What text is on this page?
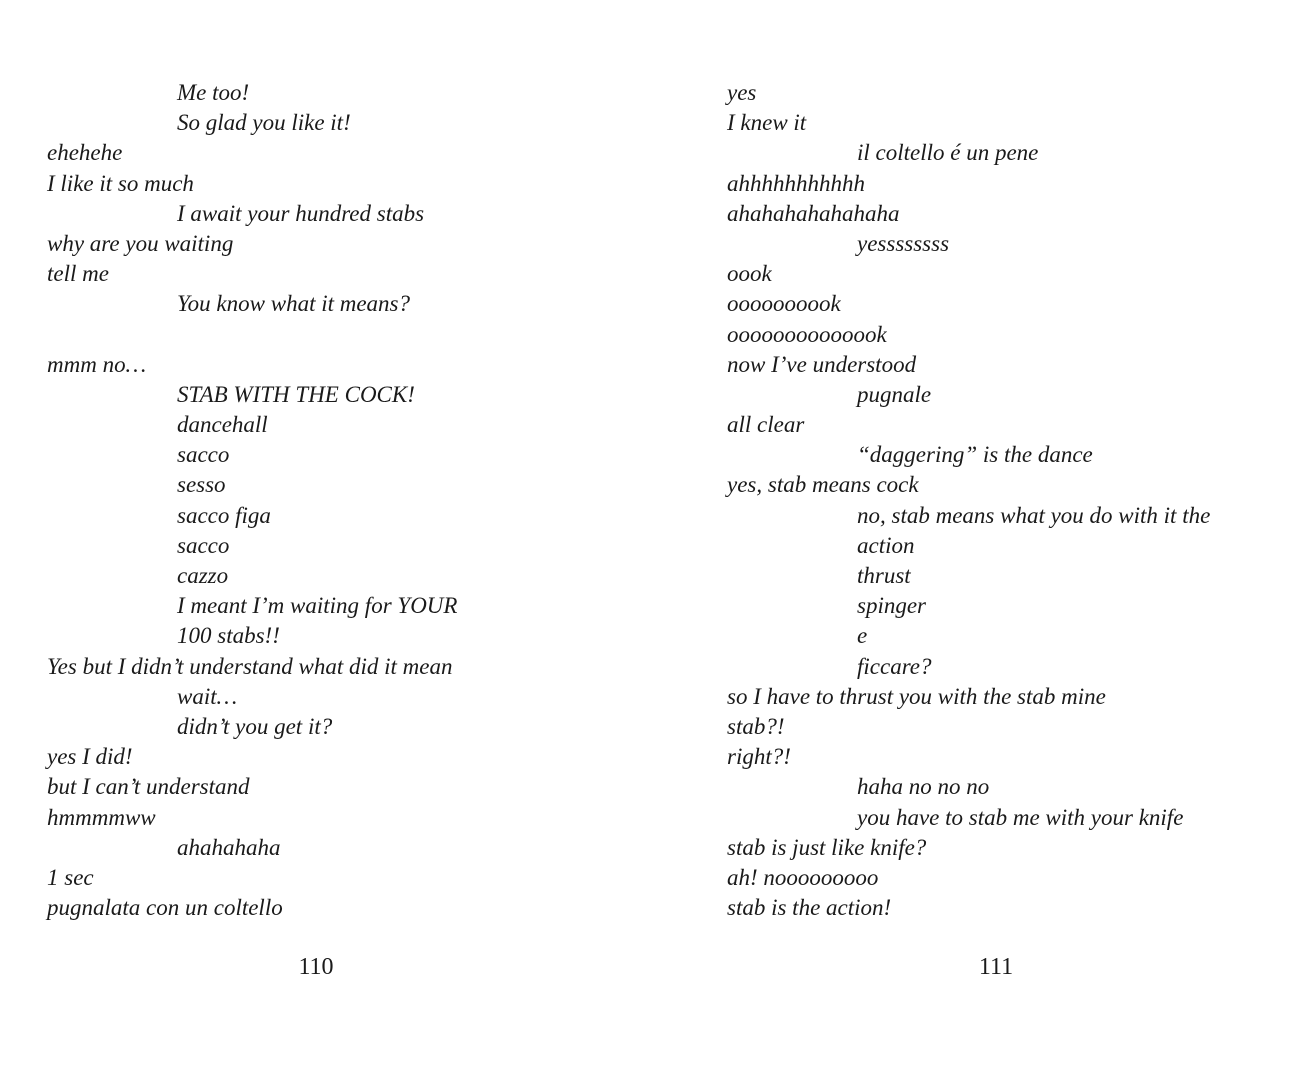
Me too!
So glad you like it!
ehehehe
I like it so much
I await your hundred stabs
why are you waiting
tell me
You know what it means?
mmm no…
STAB WITH THE COCK!
dancehall
sacco
sesso
sacco figa
sacco
cazzo
I meant I’m waiting for YOUR
100 stabs!!
Yes but I didn’t understand what did it mean
wait…
didn’t you get it?
yes I did!
but I can’t understand
hmmmmww
ahahahaha
1 sec
pugnalata con un coltello
yes
I knew it
il coltello é un pene
ahhhhhhhhhhh
ahahahahahahaha
yessssssss
oook
oooooooook
oooooooooooook
now I’ve understood
pugnale
all clear
“daggering” is the dance
yes, stab means cock
no, stab means what you do with it the
action
thrust
spinger
e
ficcare?
so I have to thrust you with the stab mine
stab?!
right?!
haha no no no
you have to stab me with your knife
stab is just like knife?
ah! nooooooooo
stab is the action!
110	111
